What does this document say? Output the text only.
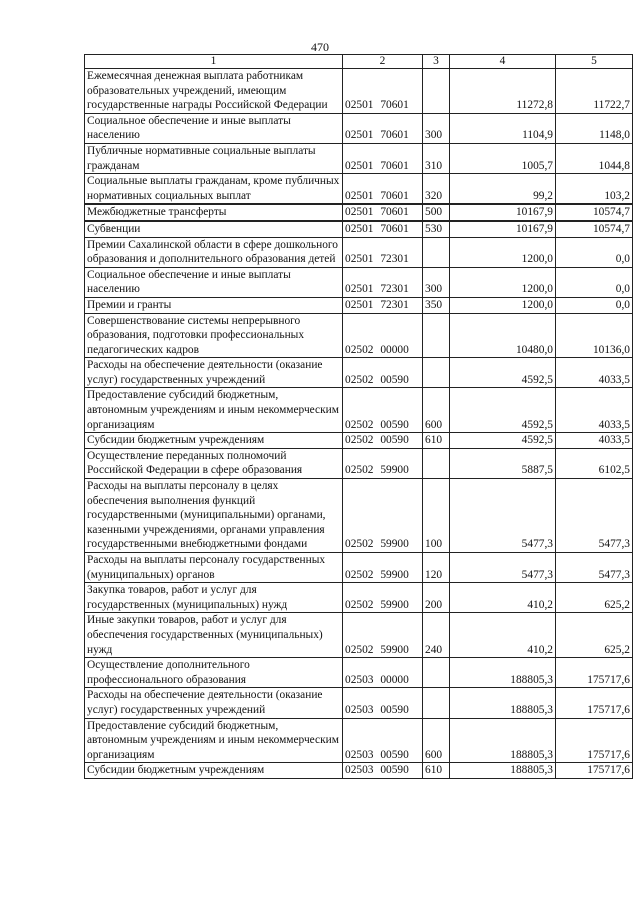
470
1	2	3	4	5
Ежемесячная денежная выплата работникам образовательных учреждений, имеющим государственные награды Российской Федерации	02501 70601		11272,8	11722,7
Социальное обеспечение и иные выплаты населению	02501 70601	300	1104,9	1148,0
Публичные нормативные социальные выплаты гражданам	02501 70601	310	1005,7	1044,8
Социальные выплаты гражданам, кроме публичных нормативных социальных выплат	02501 70601	320	99,2	103,2
Межбюджетные трансферты	02501 70601	500	10167,9	10574,7
Субвенции	02501 70601	530	10167,9	10574,7
Премии Сахалинской области в сфере дошкольного образования и дополнительного образования детей	02501 72301		1200,0	0,0
Социальное обеспечение и иные выплаты населению	02501 72301	300	1200,0	0,0
Премии и гранты	02501 72301	350	1200,0	0,0
Совершенствование системы непрерывного образования, подготовки профессиональных педагогических кадров	02502 00000		10480,0	10136,0
Расходы на обеспечение деятельности (оказание услуг) государственных учреждений	02502 00590		4592,5	4033,5
Предоставление субсидий бюджетным, автономным учреждениям и иным некоммерческим организациям	02502 00590	600	4592,5	4033,5
Субсидии бюджетным учреждениям	02502 00590	610	4592,5	4033,5
Осуществление переданных полномочий Российской Федерации в сфере образования	02502 59900		5887,5	6102,5
Расходы на выплаты персоналу в целях обеспечения выполнения функций государственными (муниципальными) органами, казенными учреждениями, органами управления государственными внебюджетными фондами	02502 59900	100	5477,3	5477,3
Расходы на выплаты персоналу государственных (муниципальных) органов	02502 59900	120	5477,3	5477,3
Закупка товаров, работ и услуг для государственных (муниципальных) нужд	02502 59900	200	410,2	625,2
Иные закупки товаров, работ и услуг для обеспечения государственных (муниципальных) нужд	02502 59900	240	410,2	625,2
Осуществление дополнительного профессионального образования	02503 00000		188805,3	175717,6
Расходы на обеспечение деятельности (оказание услуг) государственных учреждений	02503 00590		188805,3	175717,6
Предоставление субсидий бюджетным, автономным учреждениям и иным некоммерческим организациям	02503 00590	600	188805,3	175717,6
Субсидии бюджетным учреждениям	02503 00590	610	188805,3	175717,6
